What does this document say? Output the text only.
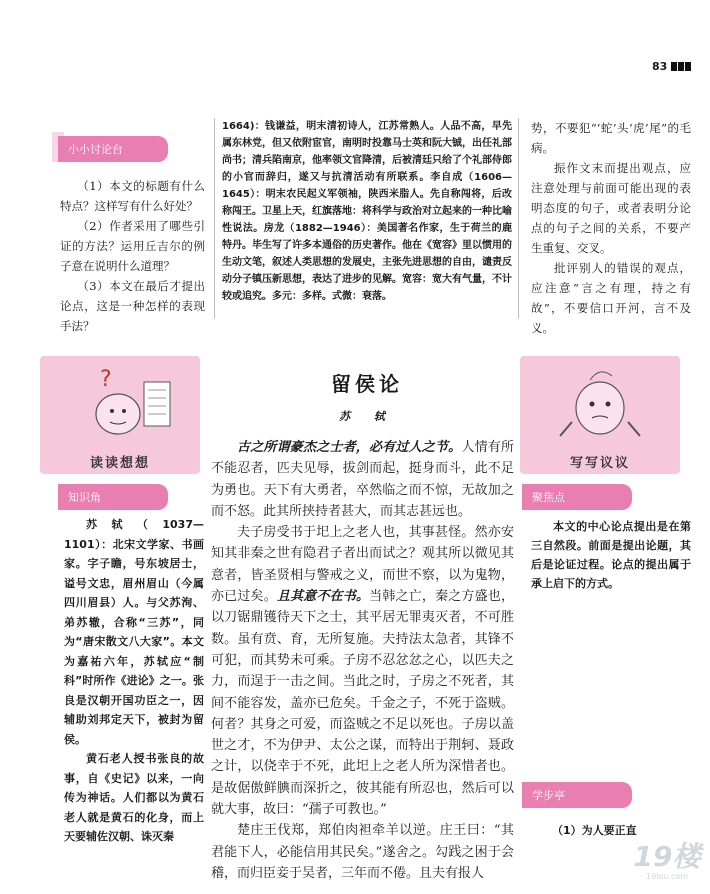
83
小小讨论台

（1）本文的标题有什么特点？这样写有什么好处？

（2）作者采用了哪些引证的方法？运用丘吉尔的例子意在说明什么道理？

（3）本文在最后才提出论点，这是一种怎样的表现手法？

?
读读想想
知识角

苏轼（1037—1101）：北宋文学家、书画家。字子瞻，号东坡居士，谥号文忠，眉州眉山（今属四川眉县）人。与父苏洵、弟苏辙，合称“三苏”，同为“唐宋散文八大家”。本文为嘉祐六年，苏轼应“制科”时所作《进论》之一。张良是汉朝开国功臣之一，因辅助刘邦定天下，被封为留侯。

黄石老人授书张良的故事，自《史记》以来，一向传为神话。人们都以为黄石老人就是黄石的化身，而上天要辅佐汉朝、诛灭秦

1664)：钱谦益，明末清初诗人，江苏常熟人。人品不高，早先属东林党，但又依附宦官，南明时投靠马士英和阮大铖，出任礼部尚书；清兵陷南京，他率领文官降清，后被清廷只给了个礼部侍郎的小官而辞归，遂又与抗清活动有所联系。李自成（1606—1645）：明末农民起义军领袖，陕西米脂人。先自称闯将，后改称闯王。卫星上天，红旗落地：将科学与政治对立起来的一种比喻性说法。房龙（1882—1946）：美国著名作家，生于荷兰的鹿特丹。毕生写了许多本通俗的历史著作。他在《宽容》里以惯用的生动文笔，叙述人类思想的发展史，主张先进思想的自由，谴责反动分子镇压新思想，表达了进步的见解。宽容：宽大有气量，不计较或追究。多元：多样。式微：衰落。
留侯论
苏 轼

古之所谓豪杰之士者，必有过人之节。人情有所不能忍者，匹夫见辱，拔剑而起，挺身而斗，此不足为勇也。天下有大勇者，卒然临之而不惊，无故加之而不怒。此其所挟持者甚大，而其志甚远也。

夫子房受书于圯上之老人也，其事甚怪。然亦安知其非秦之世有隐君子者出而试之？观其所以微见其意者，皆圣贤相与警戒之义，而世不察，以为鬼物，亦已过矣。且其意不在书。当韩之亡，秦之方盛也，以刀锯鼎镬待天下之士，其平居无罪夷灭者，不可胜数。虽有贲、育，无所复施。夫持法太急者，其锋不可犯，而其势未可乘。子房不忍忿忿之心，以匹夫之力，而逞于一击之间。当此之时，子房之不死者，其间不能容发，盖亦已危矣。千金之子，不死于盗贼。何者？其身之可爱，而盗贼之不足以死也。子房以盖世之才，不为伊尹、太公之谋，而特出于荆轲、聂政之计，以侥幸于不死，此圯上之老人所为深惜者也。是故倨傲鲜腆而深折之，彼其能有所忍也，然后可以就大事，故曰：“孺子可教也。”

楚庄王伐郑，郑伯肉袒牵羊以逆。庄王曰：“其君能下人，必能信用其民矣。”遂舍之。勾践之困于会稽，而归臣妾于吴者，三年而不倦。且夫有报人

势，不要犯“‘蛇’头‘虎’尾”的毛病。

振作文末而提出观点，应注意处理与前面可能出现的表明态度的句子，或者表明分论点的句子之间的关系，不要产生重复、交叉。

批评别人的错误的观点，应注意“言之有理，持之有故”，不要信口开河，言不及义。

写写议议
聚焦点

本文的中心论点提出是在第三自然段。前面是提出论题，其后是论证过程。论点的提出属于承上启下的方式。

学步亭
（1）为人要正直
19楼
19lou.com
